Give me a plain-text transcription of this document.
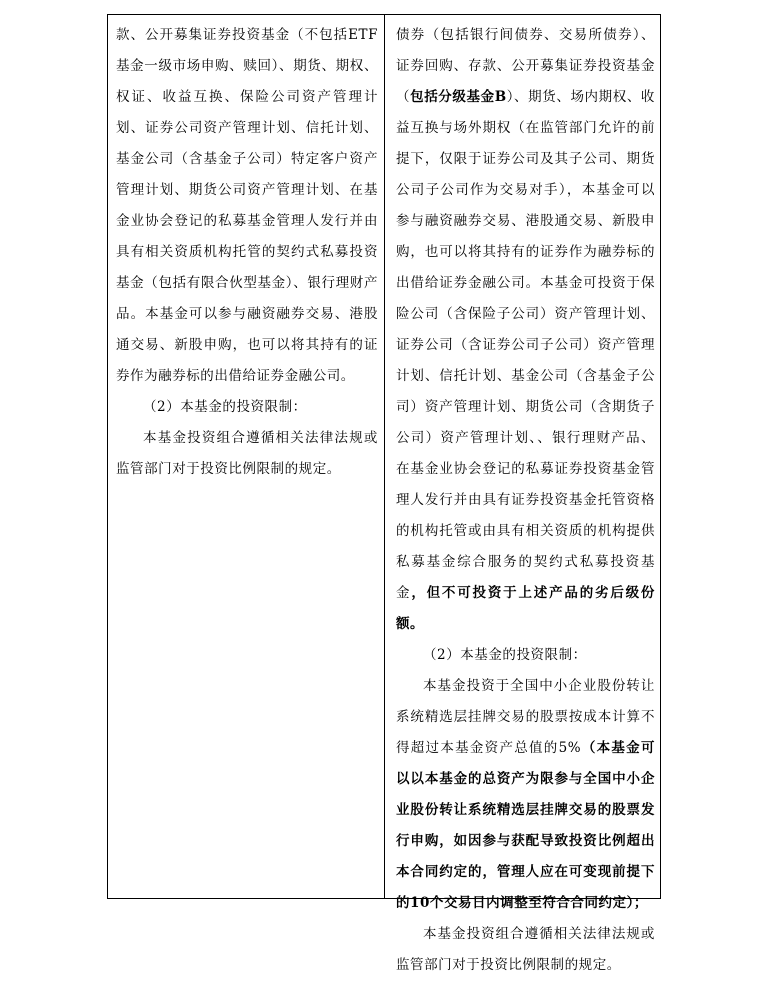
款、公开募集证券投资基金（不包括ETF基金一级市场申购、赎回）、期货、期权、权证、收益互换、保险公司资产管理计划、证券公司资产管理计划、信托计划、基金公司（含基金子公司）特定客户资产管理计划、期货公司资产管理计划、在基金业协会登记的私募基金管理人发行并由具有相关资质机构托管的契约式私募投资基金（包括有限合伙型基金）、银行理财产品。本基金可以参与融资融券交易、港股通交易、新股申购，也可以将其持有的证券作为融券标的出借给证券金融公司。

（2）本基金的投资限制：

本基金投资组合遵循相关法律法规或监管部门对于投资比例限制的规定。

债券（包括银行间债券、交易所债券）、证券回购、存款、公开募集证券投资基金（包括分级基金B）、期货、场内期权、收益互换与场外期权（在监管部门允许的前提下，仅限于证券公司及其子公司、期货公司子公司作为交易对手），本基金可以参与融资融券交易、港股通交易、新股申购，也可以将其持有的证券作为融券标的出借给证券金融公司。本基金可投资于保险公司（含保险子公司）资产管理计划、证券公司（含证券公司子公司）资产管理计划、信托计划、基金公司（含基金子公司）资产管理计划、期货公司（含期货子公司）资产管理计划、、银行理财产品、在基金业协会登记的私募证券投资基金管理人发行并由具有证券投资基金托管资格的机构托管或由具有相关资质的机构提供私募基金综合服务的契约式私募投资基金，但不可投资于上述产品的劣后级份额。

（2）本基金的投资限制：

本基金投资于全国中小企业股份转让系统精选层挂牌交易的股票按成本计算不得超过本基金资产总值的5%（本基金可以以本基金的总资产为限参与全国中小企业股份转让系统精选层挂牌交易的股票发行申购，如因参与获配导致投资比例超出本合同约定的，管理人应在可变现前提下的10个交易日内调整至符合合同约定）；

本基金投资组合遵循相关法律法规或监管部门对于投资比例限制的规定。
